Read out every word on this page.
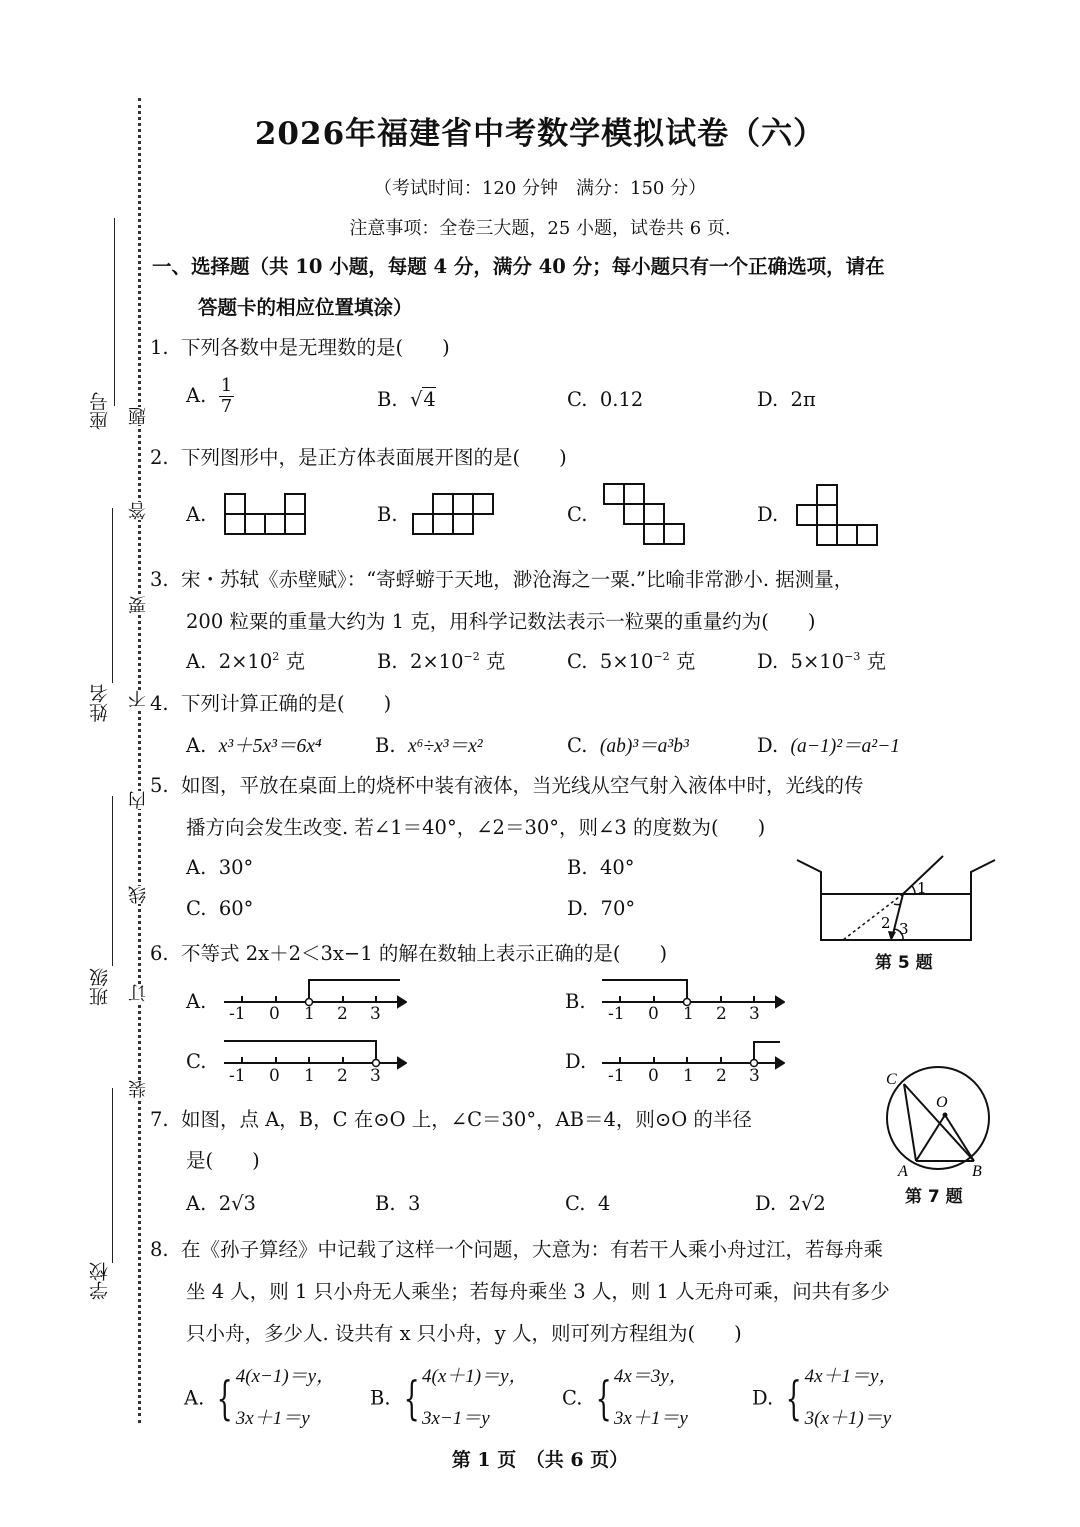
座号
姓名
班级
学校
题
答
要
不
内
线
订
装
2026年福建省中考数学模拟试卷（六）
（考试时间：120 分钟　满分：150 分）
注意事项：全卷三大题，25 小题，试卷共 6 页.
一、选择题（共 10 小题，每题 4 分，满分 40 分；每小题只有一个正确选项，请在
答题卡的相应位置填涂）
1. 下列各数中是无理数的是(　　)
A. $\frac{1}{7}$	B. √4	C. 0.12	D. 2π
2. 下列图形中，是正方体表面展开图的是(　　)
A.	B.	C.	D.
3. 宋・苏轼《赤壁赋》：“寄蜉蝣于天地，渺沧海之一粟.”比喻非常渺小. 据测量，
200 粒粟的重量大约为 1 克，用科学记数法表示一粒粟的重量约为(　　)
A. $2\times 10^2$ 克	B. $2\times 10^{-2}$ 克	C. $5\times 10^{-2}$ 克	D. $5\times 10^{-3}$ 克
4. 下列计算正确的是(　　)
A. x³＋5x³＝6x⁴	B. x⁶÷x³＝x²	C. (ab)³＝a³b³	D. (a−1)²＝a²−1
5. 如图，平放在桌面上的烧杯中装有液体，当光线从空气射入液体中时，光线的传
播方向会发生改变. 若∠1＝40°，∠2＝30°，则∠3 的度数为(　　)
A. 30°	B. 40°
C. 60°	D. 70°
1
2 3
第 5 题
6. 不等式 2x＋2＜3x−1 的解在数轴上表示正确的是(　　)
A.
-1 0 1 2 3
B.
-1 0 1 2 3
C.
-1 0 1 2 3
D.
-1 0 1 2 3
7. 如图，点 A，B，C 在⊙O 上，∠C＝30°，AB＝4，则⊙O 的半径
是(　　)
A. 2√3	B. 3	C. 4	D. 2√2
C
O
A	B
第 7 题
8. 在《孙子算经》中记载了这样一个问题，大意为：有若干人乘小舟过江，若每舟乘
坐 4 人，则 1 只小舟无人乘坐；若每舟乘坐 3 人，则 1 人无舟可乘，问共有多少
只小舟，多少人. 设共有 x 只小舟，y 人，则可列方程组为(　　)
A. { 4(x−1)＝y，
3x＋1＝y
B. { 4(x＋1)＝y，
3x−1＝y
C. { 4x＝3y，
3x＋1＝y
D. { 4x＋1＝y，
3(x＋1)＝y
第 1 页　（共 6 页）
